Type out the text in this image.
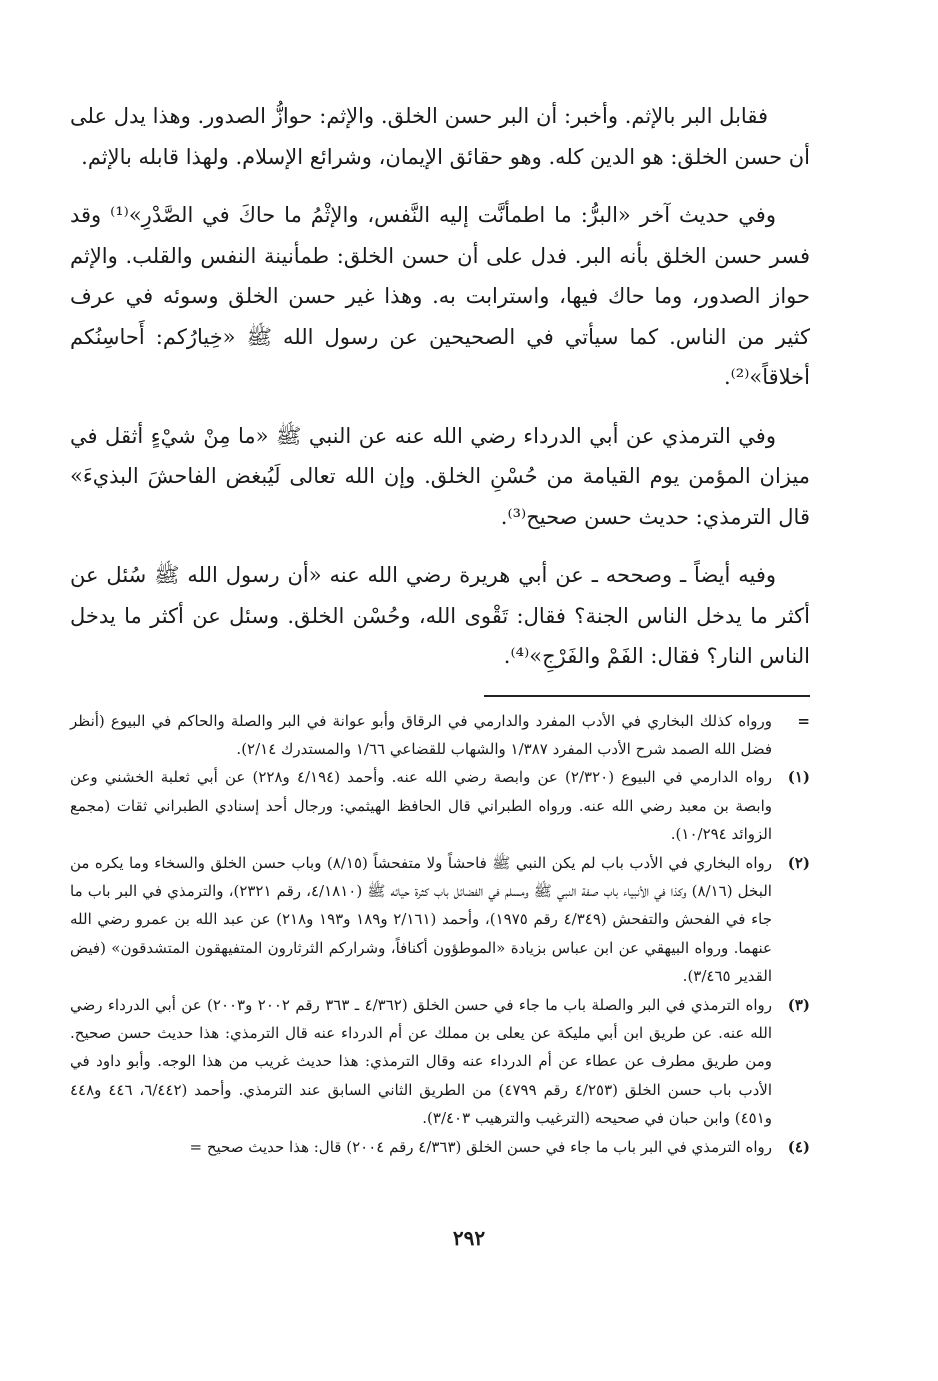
فقابل البر بالإثم. وأخبر: أن البر حسن الخلق. والإثم: حوازُّ الصدور. وهذا يدل على أن حسن الخلق: هو الدين كله. وهو حقائق الإيمان، وشرائع الإسلام. ولهذا قابله بالإثم.

وفي حديث آخر «البرُّ: ما اطمأنَّت إليه النَّفس، والإثْمُ ما حاكَ في الصَّدْرِ»⁽¹⁾ وقد فسر حسن الخلق بأنه البر. فدل على أن حسن الخلق: طمأنينة النفس والقلب. والإثم حواز الصدور، وما حاك فيها، واسترابت به. وهذا غير حسن الخلق وسوئه في عرف كثير من الناس. كما سيأتي في الصحيحين عن رسول الله ﷺ «خِيارُكم: أَحاسِنُكم أخلاقاً»⁽²⁾.

وفي الترمذي عن أبي الدرداء رضي الله عنه عن النبي ﷺ «ما مِنْ شيْءٍ أثقل في ميزان المؤمن يوم القيامة من حُسْنِ الخلق. وإن الله تعالى لَيُبغض الفاحشَ البذيءَ» قال الترمذي: حديث حسن صحيح⁽³⁾.

وفيه أيضاً ـ وصححه ـ عن أبي هريرة رضي الله عنه «أن رسول الله ﷺ سُئل عن أكثر ما يدخل الناس الجنة؟ فقال: تَقْوى الله، وحُسْن الخلق. وسئل عن أكثر ما يدخل الناس النار؟ فقال: الفَمْ والفَرْجِ»⁽⁴⁾.

=
ورواه كذلك البخاري في الأدب المفرد والدارمي في الرقاق وأبو عوانة في البر والصلة والحاكم في البيوع (أنظر فضل الله الصمد شرح الأدب المفرد ١/٣٨٧ والشهاب للقضاعي ١/٦٦ والمستدرك ٢/١٤).
(١)
رواه الدارمي في البيوع (٢/٣٢٠) عن وابصة رضي الله عنه. وأحمد (٤/١٩٤ و٢٢٨) عن أبي ثعلبة الخشني وعن وابصة بن معبد رضي الله عنه. ورواه الطبراني قال الحافظ الهيثمي: ورجال أحد إسنادي الطبراني ثقات (مجمع الزوائد ١٠/٢٩٤).
(٢)
رواه البخاري في الأدب باب لم يكن النبي ﷺ فاحشاً ولا متفحشاً (٨/١٥) وباب حسن الخلق والسخاء وما يكره من البخل (٨/١٦) وكذا في الأنبياء باب صفة النبي ﷺ ومسلم في الفضائل باب كثرة حيائه ﷺ (٤/١٨١٠، رقم ٢٣٢١)، والترمذي في البر باب ما جاء في الفحش والتفحش (٤/٣٤٩ رقم ١٩٧٥)، وأحمد (٢/١٦١ و١٨٩ و١٩٣ و٢١٨) عن عبد الله بن عمرو رضي الله عنهما. ورواه البيهقي عن ابن عباس بزيادة «الموطؤون أكنافاً، وشراركم الثرثارون المتفيهقون المتشدقون» (فيض القدير ٣/٤٦٥).
(٣)
رواه الترمذي في البر والصلة باب ما جاء في حسن الخلق (٤/٣٦٢ ـ ٣٦٣ رقم ٢٠٠٢ و٢٠٠٣) عن أبي الدرداء رضي الله عنه. عن طريق ابن أبي مليكة عن يعلى بن مملك عن أم الدرداء عنه قال الترمذي: هذا حديث حسن صحيح. ومن طريق مطرف عن عطاء عن أم الدرداء عنه وقال الترمذي: هذا حديث غريب من هذا الوجه. وأبو داود في الأدب باب حسن الخلق (٤/٢٥٣ رقم ٤٧٩٩) من الطريق الثاني السابق عند الترمذي. وأحمد (٦/٤٤٢، ٤٤٦ و٤٤٨ و٤٥١) وابن حبان في صحيحه (الترغيب والترهيب ٣/٤٠٣).
(٤)
رواه الترمذي في البر باب ما جاء في حسن الخلق (٤/٣٦٣ رقم ٢٠٠٤) قال: هذا حديث صحيح =
٢٩٢
